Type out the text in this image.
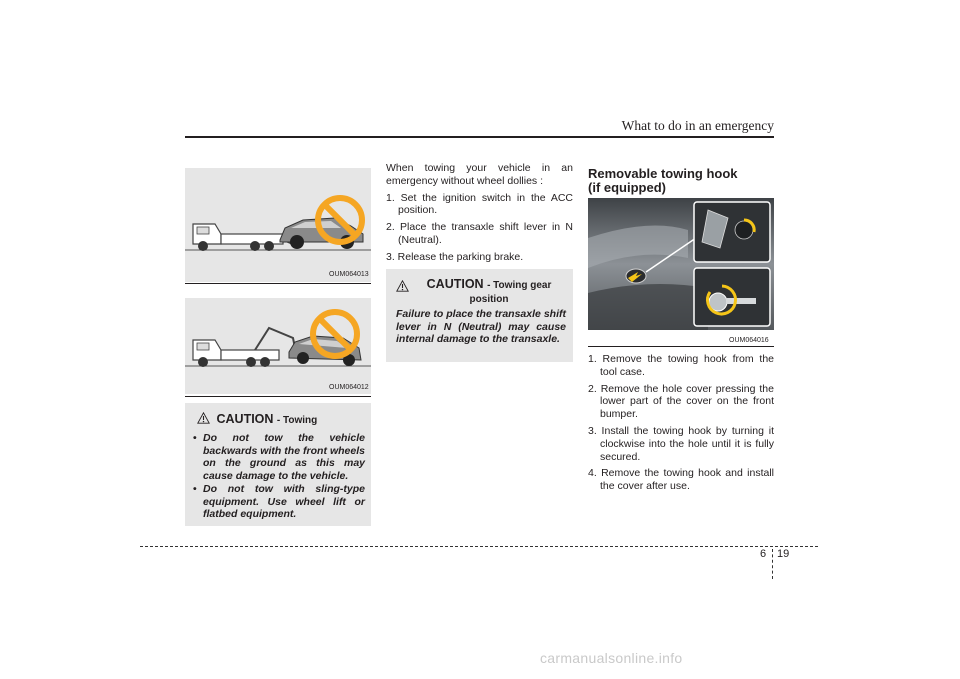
What to do in an emergency
OUM064013
OUM064012
CAUTION - Towing
• Do not tow the vehicle backwards with the front wheels on the ground as this may cause damage to the vehicle.
• Do not tow with sling-type equipment. Use wheel lift or flatbed equipment.

When towing your vehicle in an emergency without wheel dollies :

1. Set the ignition switch in the ACC position.
2. Place the transaxle shift lever in N (Neutral).
3. Release the parking brake.
CAUTION - Towing gear position
Failure to place the transaxle shift lever in N (Neutral) may cause internal damage to the transaxle.
Removable towing hook
(if equipped)
OUM064016
1. Remove the towing hook from the tool case.
2. Remove the hole cover pressing the lower part of the cover on the front bumper.
3. Install the towing hook by turning it clockwise into the hole until it is fully secured.
4. Remove the towing hook and install the cover after use.
6 19
carmanualsonline.info
